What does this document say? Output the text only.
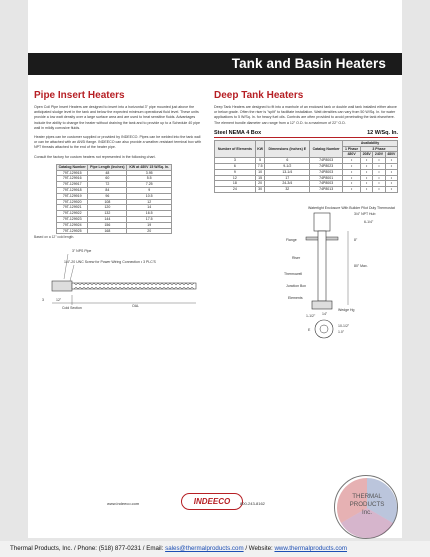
Tank and Basin Heaters
Pipe Insert Heaters

Open Coil Pipe Insert Heaters are designed to insert into a horizontal 3" pipe mounted just above the anticipated sludge level in the tank and below the expected minimum operational fluid level. These units provide a low watt density over a large surface area and are used to heat sensitive fluids. Advantages include the ability to change the heater without draining the tank and to provide up to a Schedule 40 pipe wall in mildly corrosive fluids.

Heater pipes can be customer supplied or provided by INDEECO. Pipes can be welded into the tank wall or can be attached with an ANSI flange. INDEECO can also provide a weather-resistant terminal box with NPT threads attached to the end of the heater pipe.

Consult the factory for custom heaters not represented in the following chart.

Catalog Number	Pipe Length (Inches)	KW at 480V 15 W/Sq. In.
79T-129915	48	3.95
79T-129916	60	5.5
79T-129917	72	7.25
79T-129918	84	9
79T-129919	96	10.5
79T-129920	108	12
79T-129921	120	14
79T-129922	132	16.5
79T-129923	144	17.5
79T-129924	156	19
79T-129925	168	20
Based on a 12" cold length.
3" NPS Pipe
1/4"-20 UNC Screw for Power Wiring Connection • 3 PLC'S
3	12"
Cold Section	OAL
Deep Tank Heaters

Deep Tank Heaters are designed to fit into a manhole of an enclosed tank or double wall tank installed either above or below grade. Often the riser is "split" to facilitate installation. Watt densities can vary from 50 W/Sq. In. for water applications to 5 W/Sq. In. for heavy fuel oils. Controls are often provided to avoid penetrating the tank elsewhere. The element bundle diameter can range from a 12" O.D. to a maximum of 22" O.D.

Steel NEMA 4 Box	12 W/Sq. In.
Number of Elements	KW	Dimensions (Inches) E	Catalog Number	Availability			
				1 Phase	3 Phase		
				480V	208V	240V	480V
3	5	6	74P8003	•	•	•	•
6	7.5	9-1/2	74P8023	•	•	•	•
9	10	13-1/4	74P8003	•	•	•	•
12	15	17	74P8001	•	•	•	•
18	20	24-3/4	74P8003	•	•	•	•
24	30	32	74P8013	•	•	•	•
Watertight Enclosure With Builder Pilot Duty Thermostat
3/4" NPT Hub
6-1/4"
Flange	8"
80" Max.
Riser
Thermowell
Junction Box
Elements
1-1/2" 14"
Wedge Hg
10-1/2"
1.0"
E
www.indeeco.com	INDEECO 800-243-8162
THERMAL
PRODUCTS
Inc.
Thermal Products, Inc. / Phone: (518) 877-0231 / Email: sales@thermalproducts.com / Website: www.thermalproducts.com
